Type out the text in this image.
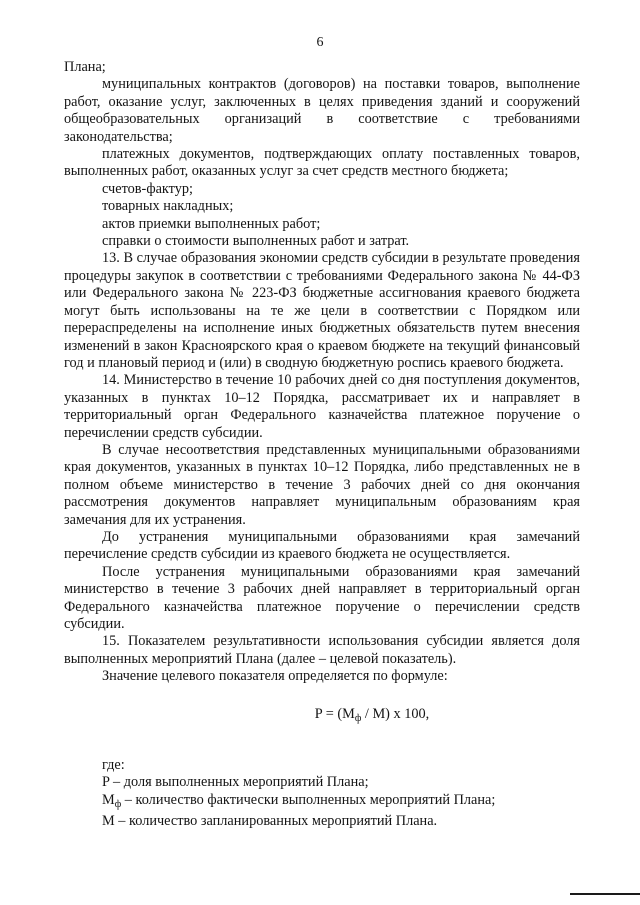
6

Плана;

муниципальных контрактов (договоров) на поставки товаров, выполнение работ, оказание услуг, заключенных в целях приведения зданий и сооружений общеобразовательных организаций в соответствие с требованиями законодательства;

платежных документов, подтверждающих оплату поставленных товаров, выполненных работ, оказанных услуг за счет средств местного бюджета;

счетов-фактур;

товарных накладных;

актов приемки выполненных работ;

справки о стоимости выполненных работ и затрат.

13. В случае образования экономии средств субсидии в результате проведения процедуры закупок в соответствии с требованиями Федерального закона № 44-ФЗ или Федерального закона № 223-ФЗ бюджетные ассигнования краевого бюджета могут быть использованы на те же цели в соответствии с Порядком или перераспределены на исполнение иных бюджетных обязательств путем внесения изменений в закон Красноярского края о краевом бюджете на текущий финансовый год и плановый период и (или) в сводную бюджетную роспись краевого бюджета.

14. Министерство в течение 10 рабочих дней со дня поступления документов, указанных в пунктах 10–12 Порядка, рассматривает их и направляет в территориальный орган Федерального казначейства платежное поручение о перечислении средств субсидии.

В случае несоответствия представленных муниципальными образованиями края документов, указанных в пунктах 10–12 Порядка, либо представленных не в полном объеме министерство в течение 3 рабочих дней со дня окончания рассмотрения документов направляет муниципальным образованиям края замечания для их устранения.

До устранения муниципальными образованиями края замечаний перечисление средств субсидии из краевого бюджета не осуществляется.

После устранения муниципальными образованиями края замечаний министерство в течение 3 рабочих дней направляет в территориальный орган Федерального казначейства платежное поручение о перечислении средств субсидии.

15. Показателем результативности использования субсидии является доля выполненных мероприятий Плана (далее – целевой показатель).

Значение целевого показателя определяется по формуле:

$P = (M_ф / M)$ х 100,

где:

P – доля выполненных мероприятий Плана;

$M_ф$ – количество фактически выполненных мероприятий Плана;

M – количество запланированных мероприятий Плана.
